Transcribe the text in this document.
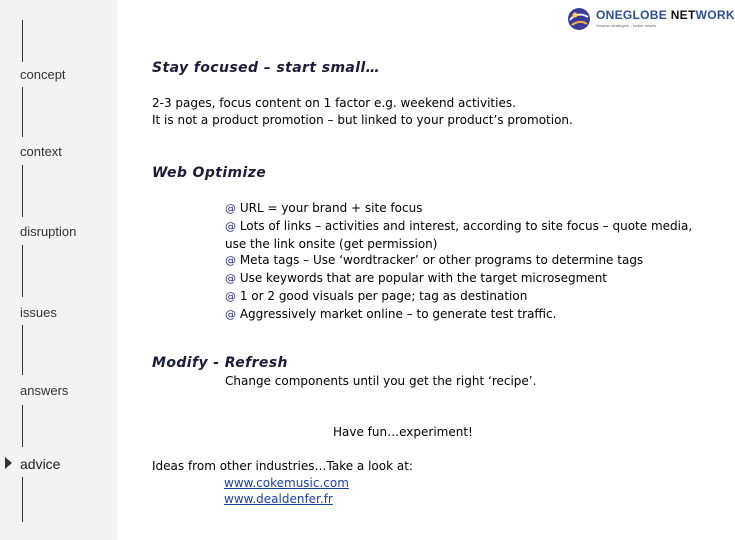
concept
context
disruption
issues
answers
advice
ONEGLOBE NETWORK
Smarter strategies... better results
Stay focused – start small…
2-3 pages, focus content on 1 factor e.g. weekend activities.
It is not a product promotion – but linked to your product’s promotion.
Web Optimize
@ URL = your brand + site focus
@ Lots of links – activities and interest, according to site focus – quote media, use the link onsite (get permission)
@ Meta tags – Use ‘wordtracker’ or other programs to determine tags
@ Use keywords that are popular with the target microsegment
@ 1 or 2 good visuals per page; tag as destination
@ Aggressively market online – to generate test traffic.
Modify - Refresh
Change components until you get the right ‘recipe’.
Have fun…experiment!
Ideas from other industries…Take a look at:
www.cokemusic.com
www.dealdenfer.fr
